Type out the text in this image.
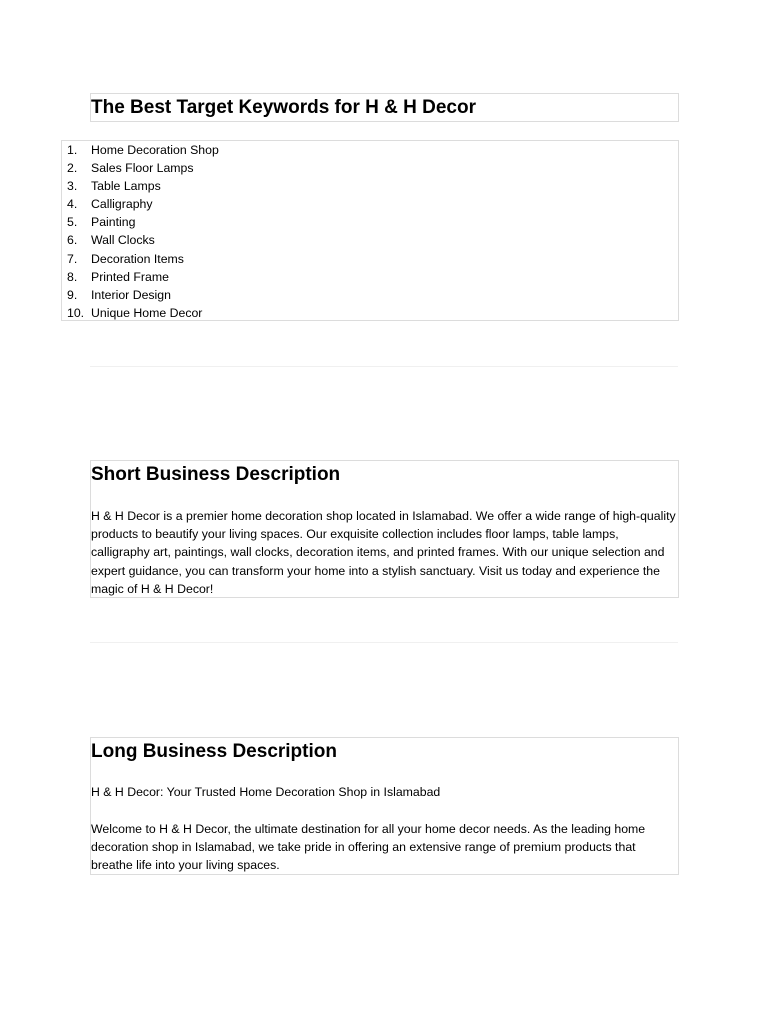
The Best Target Keywords for H & H Decor
1.	Home Decoration Shop
2.	Sales Floor Lamps
3.	Table Lamps
4.	Calligraphy
5.	Painting
6.	Wall Clocks
7.	Decoration Items
8.	Printed Frame
9.	Interior Design
10. Unique Home Decor
Short Business Description

H & H Decor is a premier home decoration shop located in Islamabad. We offer a wide range of high-quality products to beautify your living spaces. Our exquisite collection includes floor lamps, table lamps, calligraphy art, paintings, wall clocks, decoration items, and printed frames. With our unique selection and expert guidance, you can transform your home into a stylish sanctuary. Visit us today and experience the magic of H & H Decor!

Long Business Description

H & H Decor: Your Trusted Home Decoration Shop in Islamabad

Welcome to H & H Decor, the ultimate destination for all your home decor needs. As the leading home decoration shop in Islamabad, we take pride in offering an extensive range of premium products that breathe life into your living spaces.
